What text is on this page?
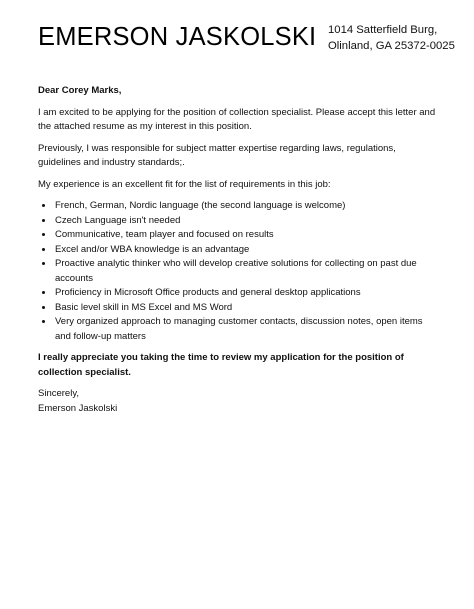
EMERSON JASKOLSKI 1014 Satterfield Burg,
Olinland, GA 25372-0025

Dear Corey Marks,

I am excited to be applying for the position of collection specialist. Please accept this letter and the attached resume as my interest in this position.

Previously, I was responsible for subject matter expertise regarding laws, regulations, guidelines and industry standards;.

My experience is an excellent fit for the list of requirements in this job:

• French, German, Nordic language (the second language is welcome)
• Czech Language isn't needed
• Communicative, team player and focused on results
• Excel and/or WBA knowledge is an advantage
• Proactive analytic thinker who will develop creative solutions for collecting on past due accounts
• Proficiency in Microsoft Office products and general desktop applications
• Basic level skill in MS Excel and MS Word
• Very organized approach to managing customer contacts, discussion notes, open items and follow-up matters

I really appreciate you taking the time to review my application for the position of collection specialist.

Sincerely,

Emerson Jaskolski
